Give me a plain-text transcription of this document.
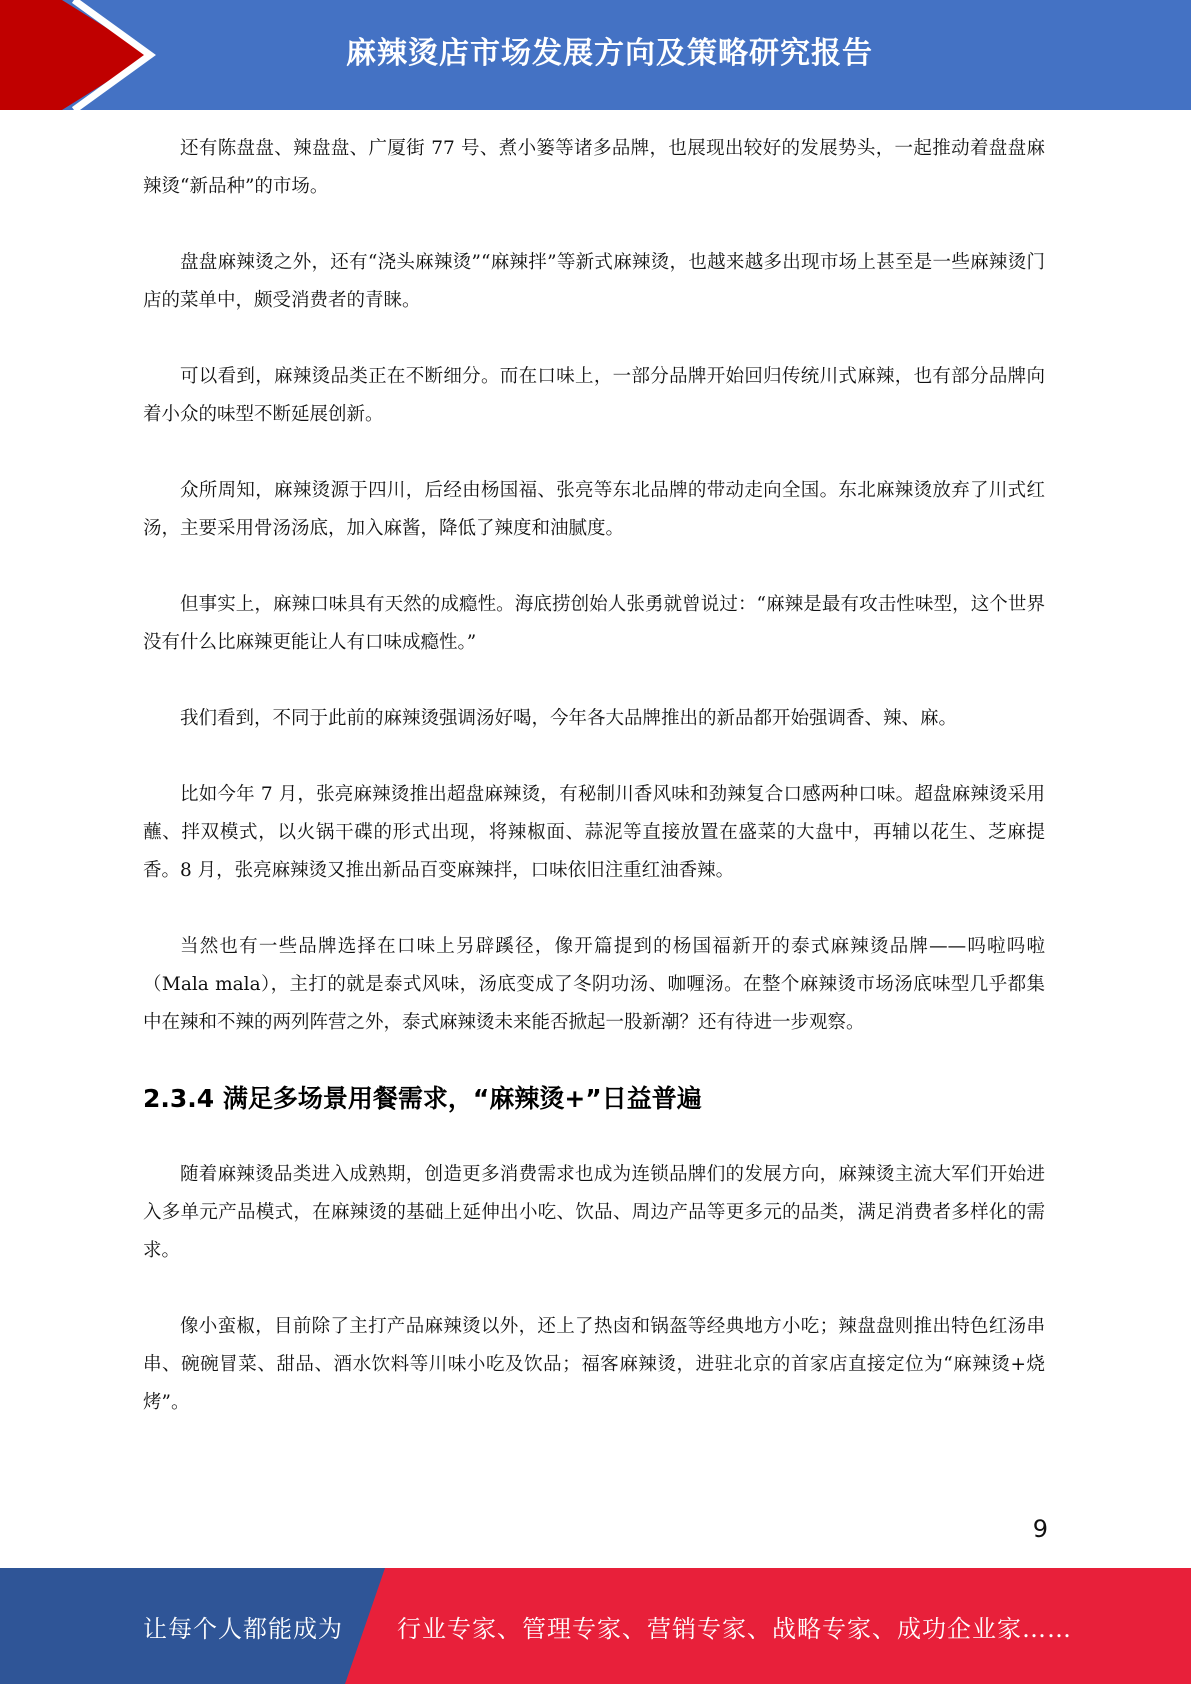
麻辣烫店市场发展方向及策略研究报告

还有陈盘盘、辣盘盘、广厦街 77 号、煮小篓等诸多品牌，也展现出较好的发展势头，一起推动着盘盘麻辣烫“新品种”的市场。

盘盘麻辣烫之外，还有“浇头麻辣烫”“麻辣拌”等新式麻辣烫，也越来越多出现市场上甚至是一些麻辣烫门店的菜单中，颇受消费者的青睐。

可以看到，麻辣烫品类正在不断细分。而在口味上，一部分品牌开始回归传统川式麻辣，也有部分品牌向着小众的味型不断延展创新。

众所周知，麻辣烫源于四川，后经由杨国福、张亮等东北品牌的带动走向全国。东北麻辣烫放弃了川式红汤，主要采用骨汤汤底，加入麻酱，降低了辣度和油腻度。

但事实上，麻辣口味具有天然的成瘾性。海底捞创始人张勇就曾说过：“麻辣是最有攻击性味型，这个世界没有什么比麻辣更能让人有口味成瘾性。”

我们看到，不同于此前的麻辣烫强调汤好喝，今年各大品牌推出的新品都开始强调香、辣、麻。

比如今年 7 月，张亮麻辣烫推出超盘麻辣烫，有秘制川香风味和劲辣复合口感两种口味。超盘麻辣烫采用蘸、拌双模式，以火锅干碟的形式出现，将辣椒面、蒜泥等直接放置在盛菜的大盘中，再辅以花生、芝麻提香。8 月，张亮麻辣烫又推出新品百变麻辣拌，口味依旧注重红油香辣。

当然也有一些品牌选择在口味上另辟蹊径，像开篇提到的杨国福新开的泰式麻辣烫品牌——吗啦吗啦（Mala mala），主打的就是泰式风味，汤底变成了冬阴功汤、咖喱汤。在整个麻辣烫市场汤底味型几乎都集中在辣和不辣的两列阵营之外，泰式麻辣烫未来能否掀起一股新潮？还有待进一步观察。

2.3.4 满足多场景用餐需求，“麻辣烫+”日益普遍

随着麻辣烫品类进入成熟期，创造更多消费需求也成为连锁品牌们的发展方向，麻辣烫主流大军们开始进入多单元产品模式，在麻辣烫的基础上延伸出小吃、饮品、周边产品等更多元的品类，满足消费者多样化的需求。

像小蛮椒，目前除了主打产品麻辣烫以外，还上了热卤和锅盔等经典地方小吃；辣盘盘则推出特色红汤串串、碗碗冒菜、甜品、酒水饮料等川味小吃及饮品；福客麻辣烫，进驻北京的首家店直接定位为“麻辣烫+烧烤”。

9
让每个人都能成为 行业专家、管理专家、营销专家、战略专家、成功企业家……
